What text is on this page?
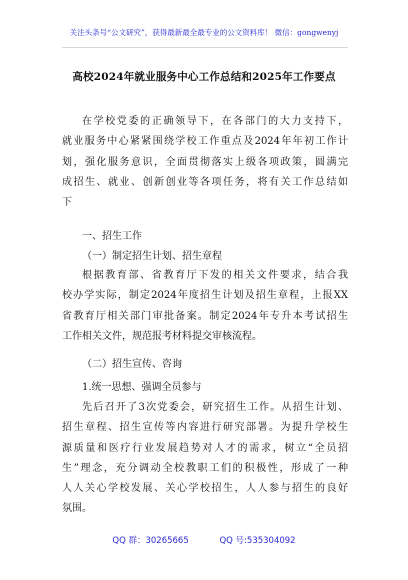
关注头条号“公文研究”，获得最新最全最专业的公文资料库！ 微信：gongwenyj
高校2024年就业服务中心工作总结和2025年工作要点
在学校党委的正确领导下，在各部门的大力支持下，
就业服务中心紧紧围绕学校工作重点及2024年年初工作计
划，强化服务意识，全面贯彻落实上级各项政策，圆满完
成招生、就业、创新创业等各项任务，将有关工作总结如
下
一、招生工作
（一）制定招生计划、招生章程
根据教育部、省教育厅下发的相关文件要求，结合我
校办学实际，制定2024年度招生计划及招生章程，上报XX
省教育厅相关部门审批备案。制定2024年专升本考试招生
工作相关文件，规范报考材料提交审核流程。
（二）招生宣传、咨询
1.统一思想、强调全员参与
先后召开了3次党委会，研究招生工作。从招生计划、
招生章程、招生宣传等内容进行研究部署。为提升学校生
源质量和医疗行业发展趋势对人才的需求，树立“全员招
生”理念，充分调动全校教职工们的积极性，形成了一种
人人关心学校发展、关心学校招生，人人参与招生的良好
氛围。
QQ 群：30265665	QQ 号:535304092
